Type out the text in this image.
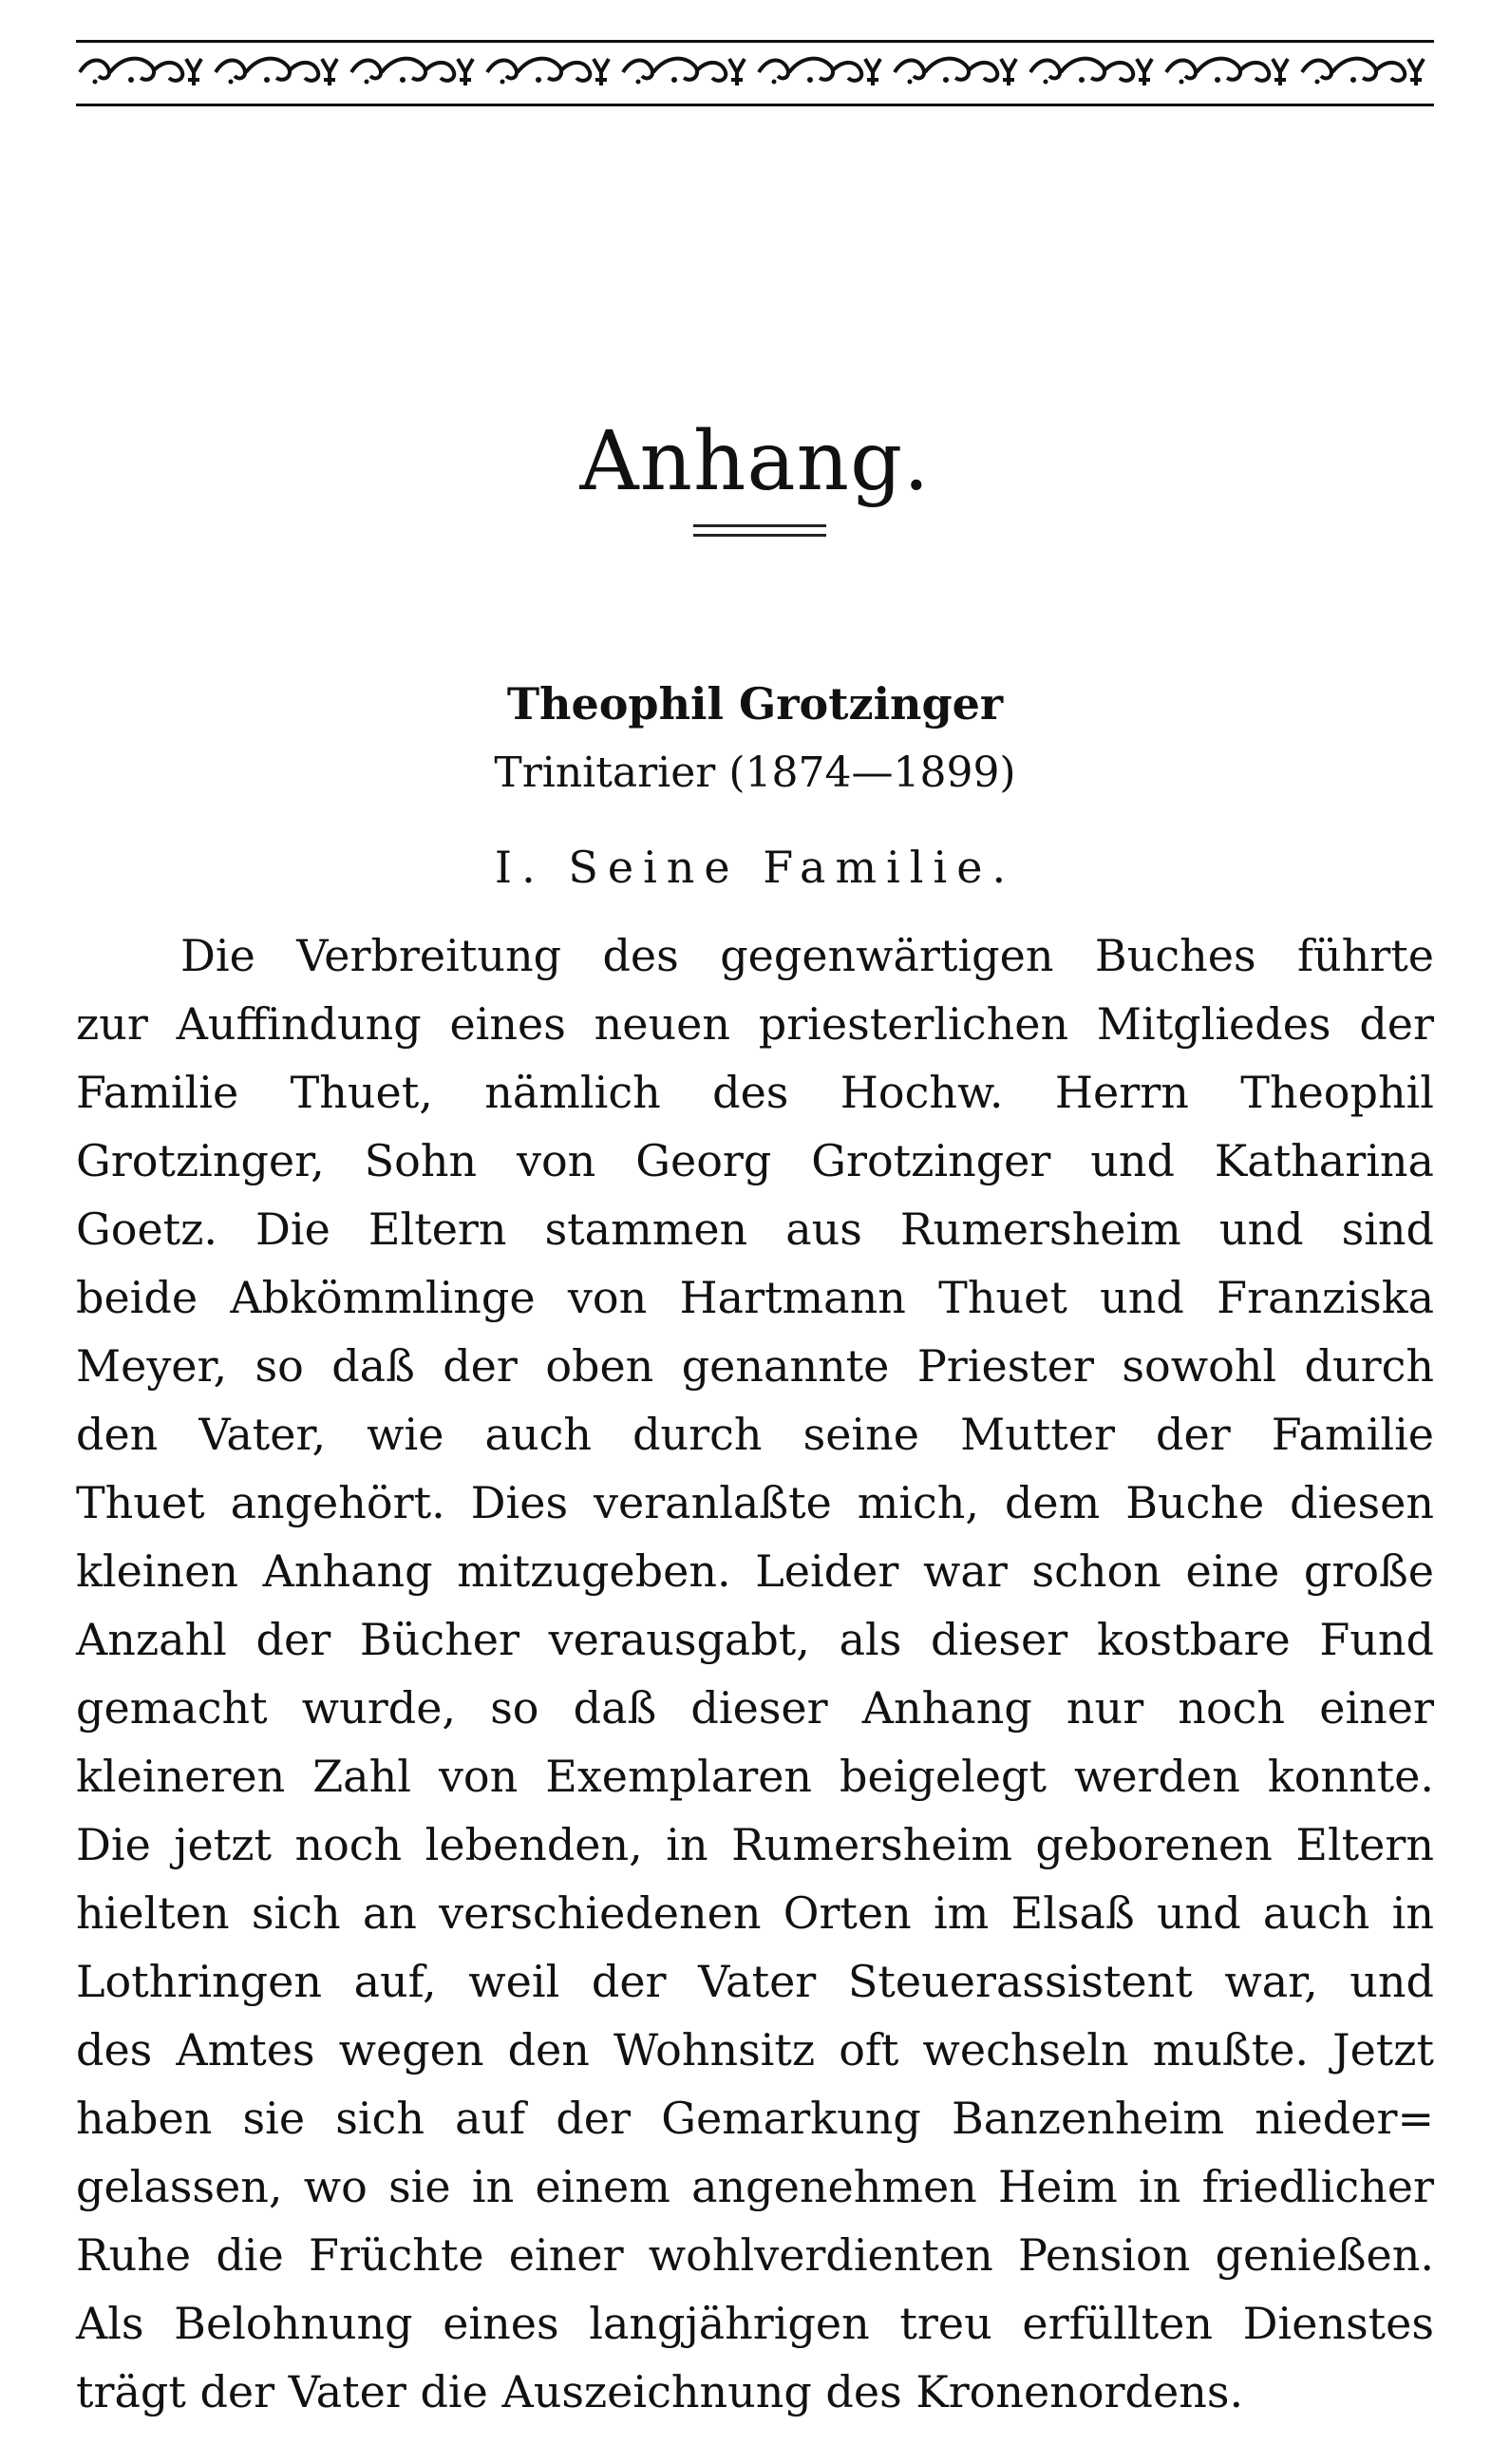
Anhang.
Theophil Grotzinger
Trinitarier (1874—1899)
I. Seine Familie.
Die Verbreitung des gegenwärtigen Buches führte
zur Auffindung eines neuen priesterlichen Mitgliedes der
Familie Thuet, nämlich des Hochw. Herrn Theophil
Grotzinger, Sohn von Georg Grotzinger und Katharina
Goetz. Die Eltern stammen aus Rumersheim und sind
beide Abkömmlinge von Hartmann Thuet und Franziska
Meyer, so daß der oben genannte Priester sowohl durch
den Vater, wie auch durch seine Mutter der Familie
Thuet angehört. Dies veranlaßte mich, dem Buche diesen
kleinen Anhang mitzugeben. Leider war schon eine große
Anzahl der Bücher verausgabt, als dieser kostbare Fund
gemacht wurde, so daß dieser Anhang nur noch einer
kleineren Zahl von Exemplaren beigelegt werden konnte.
Die jetzt noch lebenden, in Rumersheim geborenen Eltern
hielten sich an verschiedenen Orten im Elsaß und auch in
Lothringen auf, weil der Vater Steuerassistent war, und
des Amtes wegen den Wohnsitz oft wechseln mußte. Jetzt
haben sie sich auf der Gemarkung Banzenheim nieder=
gelassen, wo sie in einem angenehmen Heim in friedlicher
Ruhe die Früchte einer wohlverdienten Pension genießen.
Als Belohnung eines langjährigen treu erfüllten Dienstes
trägt der Vater die Auszeichnung des Kronenordens.
